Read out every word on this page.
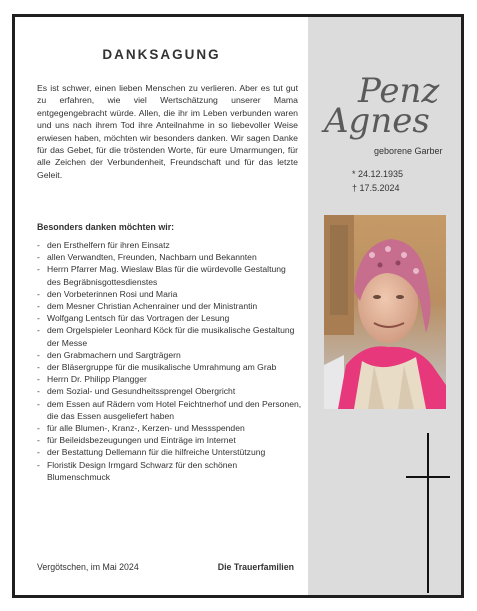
DANKSAGUNG

Es ist schwer, einen lieben Menschen zu verlieren. Aber es tut gut zu erfahren, wie viel Wertschätzung unserer Mama entgegengebracht würde. Allen, die ihr im Leben verbunden waren und uns nach ihrem Tod ihre Anteilnahme in so liebevoller Weise erwiesen haben, möchten wir besonders danken. Wir sagen Danke für das Gebet, für die tröstenden Worte, für eure Umarmungen, für alle Zeichen der Verbundenheit, Freundschaft und für das letzte Geleit.

Besonders danken möchten wir:
- den Ersthelfern für ihren Einsatz
- allen Verwandten, Freunden, Nachbarn und Bekannten
- Herrn Pfarrer Mag. Wieslaw Blas für die würdevolle Gestaltung des Begräbnisgottesdienstes
- den Vorbeterinnen Rosi und Maria
- dem Mesner Christian Achenrainer und der Ministrantin
- Wolfgang Lentsch für das Vortragen der Lesung
- dem Orgelspieler Leonhard Köck für die musikalische Gestaltung der Messe
- den Grabmachern und Sargträgern
- der Bläsergruppe für die musikalische Umrahmung am Grab
- Herrn Dr. Philipp Plangger
- dem Sozial- und Gesundheitssprengel Obergricht
- dem Essen auf Rädern vom Hotel Feichtnerhof und den Personen, die das Essen ausgeliefert haben
- für alle Blumen-, Kranz-, Kerzen- und Messspenden
- für Beileidsbezeugungen und Einträge im Internet
- der Bestattung Dellemann für die hilfreiche Unterstützung
- Floristik Design Irmgard Schwarz für den schönen Blumenschmuck
Vergötschen, im Mai 2024	Die Trauerfamilien
Penz
Agnes
geborene Garber
* 24.12.1935
† 17.5.2024
